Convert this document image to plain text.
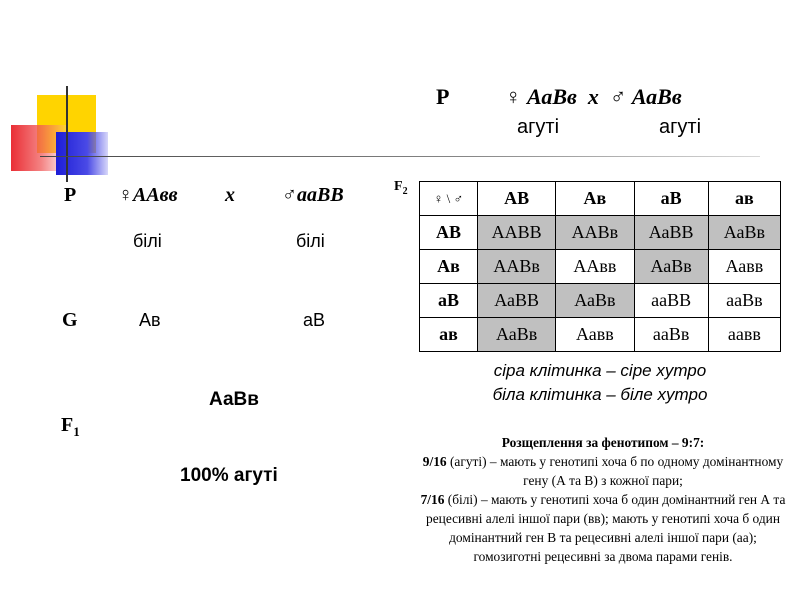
P	♀ АаВв  х  ♂ АаВв
агуті	агуті
P ♀ААвв х ♂ааВВ
білі	білі
G	Ав	аВ
АаВв
$F_1$
100% агуті
$F_2$ ♀ \ ♂	АВ	Ав	аВ	ав
АВ	ААВВ	ААВв	АаВВ	АаВв
Ав	ААВв	ААвв	АаВв	Аавв
аВ	АаВВ	АаВв	ааВВ	ааВв
ав	АаВв	Аавв	ааВв	аавв
сіра клітинка – сіре хутро
біла клітинка – біле хутро
Розщеплення за фенотипом – 9:7:
9/16 (агуті) – мають у генотипі хоча б по одному домінантному гену (А та В) з кожної пари;
7/16 (білі) – мають у генотипі хоча б один домінантний ген А та рецесивні алелі іншої пари (вв); мають у генотипі хоча б один домінантний ген В та рецесивні алелі іншої пари (аа); гомозиготні рецесивні за двома парами генів.
